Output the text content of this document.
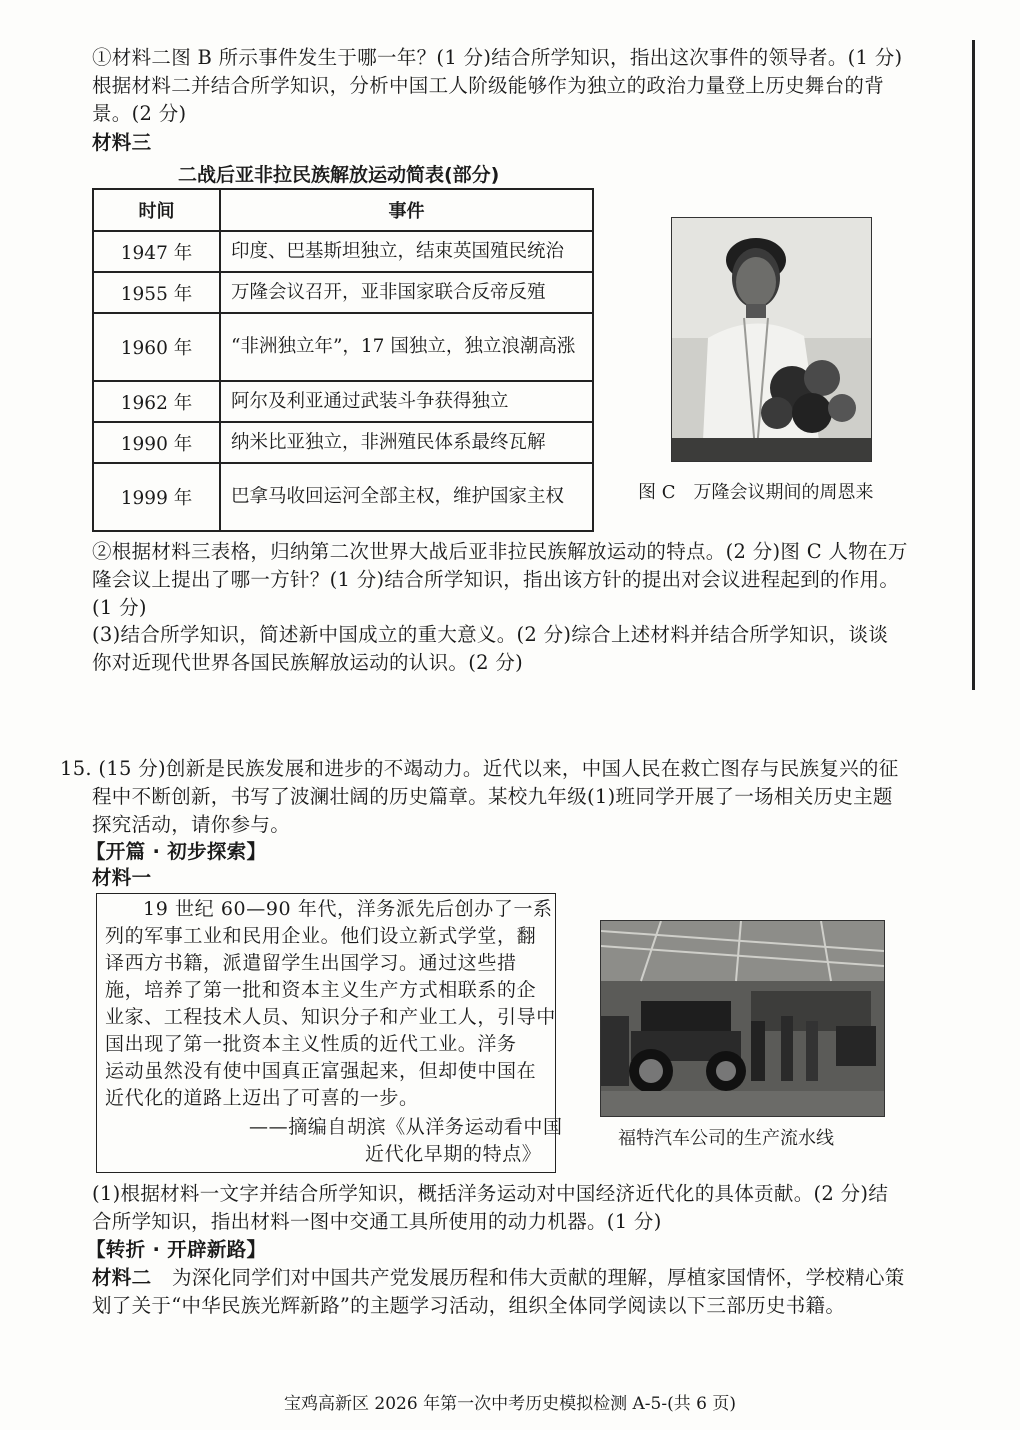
①材料二图 B 所示事件发生于哪一年？(1 分)结合所学知识，指出这次事件的领导者。(1 分)
根据材料二并结合所学知识，分析中国工人阶级能够作为独立的政治力量登上历史舞台的背
景。(2 分)
材料三
二战后亚非拉民族解放运动简表(部分)
时间	事件
1947 年	印度、巴基斯坦独立，结束英国殖民统治
1955 年	万隆会议召开，亚非国家联合反帝反殖
1960 年	“非洲独立年”，17 国独立，独立浪潮高涨
1962 年	阿尔及利亚通过武装斗争获得独立
1990 年	纳米比亚独立，非洲殖民体系最终瓦解
1999 年	巴拿马收回运河全部主权，维护国家主权	图 C　万隆会议期间的周恩来
②根据材料三表格，归纳第二次世界大战后亚非拉民族解放运动的特点。(2 分)图 C 人物在万
隆会议上提出了哪一方针？(1 分)结合所学知识，指出该方针的提出对会议进程起到的作用。
(1 分)
(3)结合所学知识，简述新中国成立的重大意义。(2 分)综合上述材料并结合所学知识，谈谈
你对近现代世界各国民族解放运动的认识。(2 分)
15. (15 分)创新是民族发展和进步的不竭动力。近代以来，中国人民在救亡图存与民族复兴的征
程中不断创新，书写了波澜壮阔的历史篇章。某校九年级(1)班同学开展了一场相关历史主题
探究活动，请你参与。
【开篇 · 初步探索】
材料一
19 世纪 60—90 年代，洋务派先后创办了一系
列的军事工业和民用企业。他们设立新式学堂，翻
译西方书籍，派遣留学生出国学习。通过这些措
施，培养了第一批和资本主义生产方式相联系的企
业家、工程技术人员、知识分子和产业工人，引导中
国出现了第一批资本主义性质的近代工业。洋务
运动虽然没有使中国真正富强起来，但却使中国在
近代化的道路上迈出了可喜的一步。
——摘编自胡滨《从洋务运动看中国
近代化早期的特点》
福特汽车公司的生产流水线
(1)根据材料一文字并结合所学知识，概括洋务运动对中国经济近代化的具体贡献。(2 分)结
合所学知识，指出材料一图中交通工具所使用的动力机器。(1 分)
【转折 · 开辟新路】
材料二 为深化同学们对中国共产党发展历程和伟大贡献的理解，厚植家国情怀，学校精心策
划了关于“中华民族光辉新路”的主题学习活动，组织全体同学阅读以下三部历史书籍。
宝鸡高新区 2026 年第一次中考历史模拟检测 A-5-(共 6 页)
